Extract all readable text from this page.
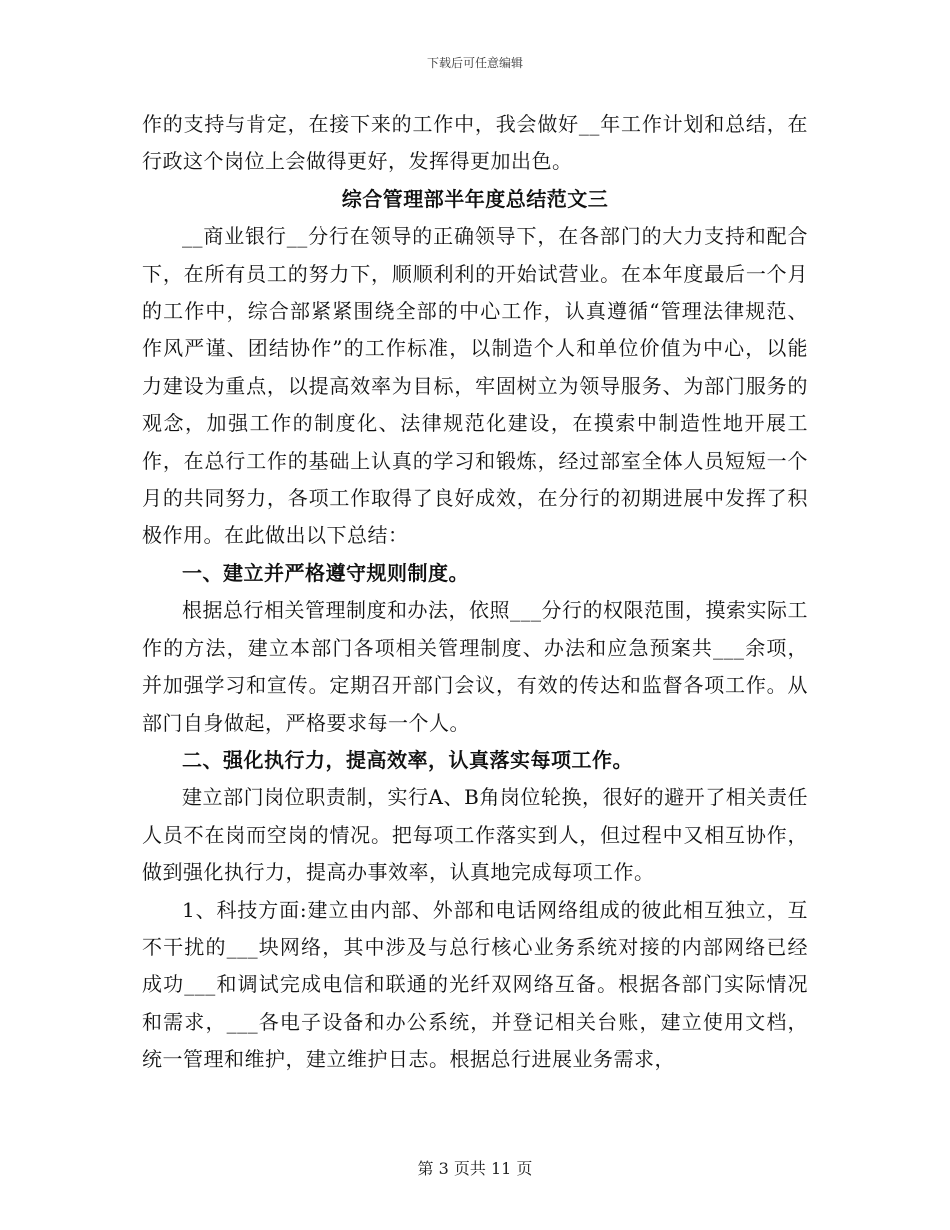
下载后可任意编辑

作的支持与肯定，在接下来的工作中，我会做好__年工作计划和总结，在行政这个岗位上会做得更好，发挥得更加出色。

综合管理部半年度总结范文三

__商业银行__分行在领导的正确领导下，在各部门的大力支持和配合下，在所有员工的努力下，顺顺利利的开始试营业。在本年度最后一个月的工作中，综合部紧紧围绕全部的中心工作，认真遵循“管理法律规范、作风严谨、团结协作”的工作标准，以制造个人和单位价值为中心，以能力建设为重点，以提高效率为目标，牢固树立为领导服务、为部门服务的观念，加强工作的制度化、法律规范化建设，在摸索中制造性地开展工作，在总行工作的基础上认真的学习和锻炼，经过部室全体人员短短一个月的共同努力，各项工作取得了良好成效，在分行的初期进展中发挥了积极作用。在此做出以下总结：

一、建立并严格遵守规则制度。

根据总行相关管理制度和办法，依照___分行的权限范围，摸索实际工作的方法，建立本部门各项相关管理制度、办法和应急预案共___余项，并加强学习和宣传。定期召开部门会议，有效的传达和监督各项工作。从部门自身做起，严格要求每一个人。

二、强化执行力，提高效率，认真落实每项工作。

建立部门岗位职责制，实行A、B角岗位轮换，很好的避开了相关责任人员不在岗而空岗的情况。把每项工作落实到人，但过程中又相互协作，做到强化执行力，提高办事效率，认真地完成每项工作。

1、科技方面:建立由内部、外部和电话网络组成的彼此相互独立，互不干扰的___块网络，其中涉及与总行核心业务系统对接的内部网络已经成功___和调试完成电信和联通的光纤双网络互备。根据各部门实际情况和需求，___各电子设备和办公系统，并登记相关台账，建立使用文档，统一管理和维护，建立维护日志。根据总行进展业务需求，

第 3 页共 11 页
